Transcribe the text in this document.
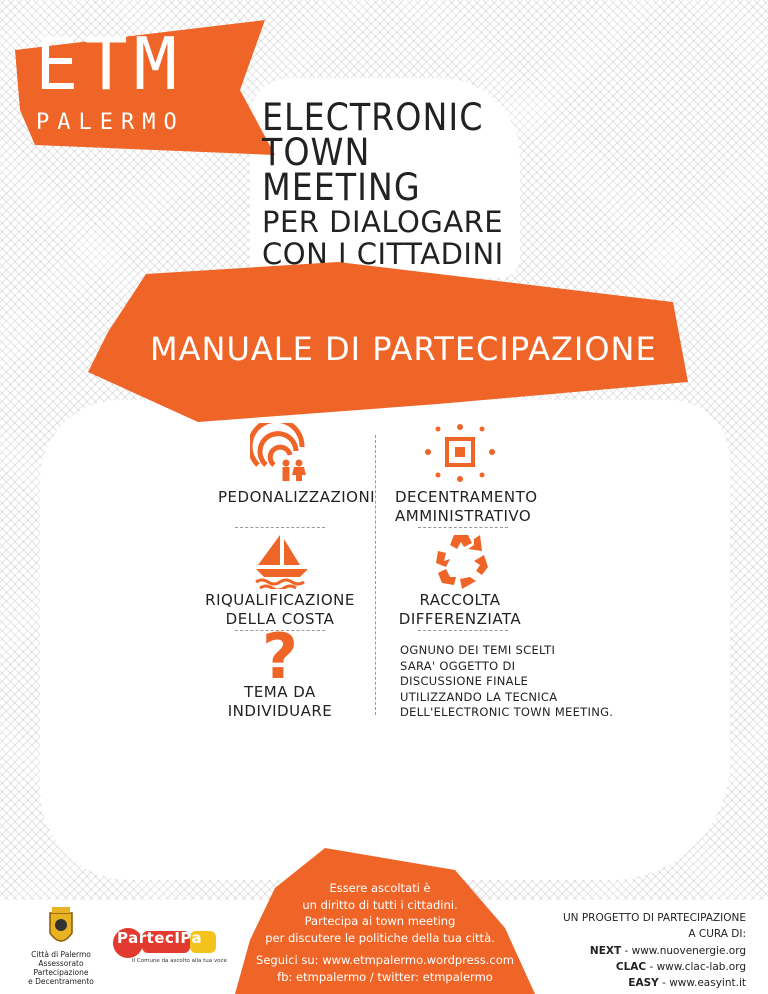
ETM
PALERMO ELECTRONIC
TOWN
MEETING
PER DIALOGARE
CON I CITTADINI
MANUALE DI PARTECIPAZIONE
PEDONALIZZAZIONI DECENTRAMENTO
AMMINISTRATIVO
RIQUALIFICAZIONE
DELLA COSTA
RACCOLTA
DIFFERENZIATA
?
TEMA DA
INDIVIDUARE
OGNUNO DEI TEMI SCELTI
SARA' OGGETTO DI
DISCUSSIONE FINALE
UTILIZZANDO LA TECNICA
DELL'ELECTRONIC TOWN MEETING.
Essere ascoltati è
un diritto di tutti i cittadini.
Partecipa ai town meeting
per discutere le politiche della tua città.
Seguici su: www.etmpalermo.wordpress.com
fb: etmpalermo / twitter: etmpalermo
Città di Palermo
Assessorato Partecipazione
e Decentramento
PartecIPa
Il Comune da ascolto alla tua voce
UN PROGETTO DI PARTECIPAZIONE
A CURA DI:
NEXT - www.nuovenergie.org
CLAC - www.clac-lab.org
EASY - www.easyint.it
